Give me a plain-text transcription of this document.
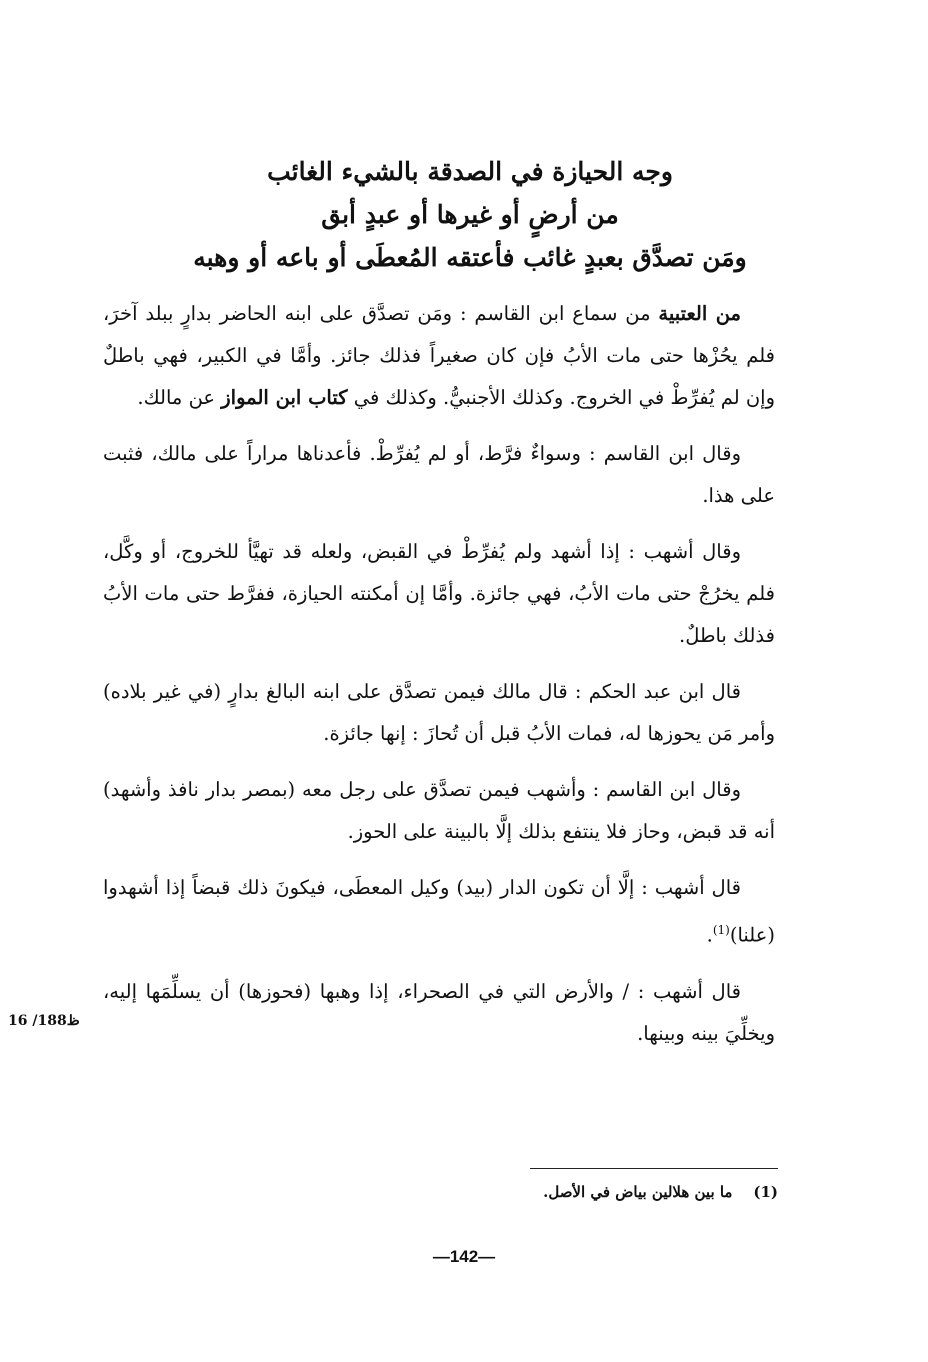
وجه الحيازة في الصدقة بالشيء الغائب
من أرضٍ أو غيرها أو عبدٍ أبق
ومَن تصدَّق بعبدٍ غائب فأعتقه المُعطَى أو باعه أو وهبه

من العتبية من سماع ابن القاسم : ومَن تصدَّق على ابنه الحاضر بدارٍ ببلد آخرَ، فلم يحُزْها حتى مات الأبُ فإن كان صغيراً فذلك جائز. وأمَّا في الكبير، فهي باطلٌ وإن لم يُفرِّطْ في الخروج. وكذلك الأجنبيُّ. وكذلك في كتاب ابن المواز عن مالك.

وقال ابن القاسم : وسواءٌ فرَّط، أو لم يُفرِّطْ. فأعدناها مراراً على مالك، فثبت على هذا.

وقال أشهب : إذا أشهد ولم يُفرِّطْ في القبض، ولعله قد تهيَّأ للخروج، أو وكَّل، فلم يخرُجْ حتى مات الأبُ، فهي جائزة. وأمَّا إن أمكنته الحيازة، ففرَّط حتى مات الأبُ فذلك باطلٌ.

قال ابن عبد الحكم : قال مالك فيمن تصدَّق على ابنه البالغ بدارٍ (في غير بلاده) وأمر مَن يحوزها له، فمات الأبُ قبل أن تُحازَ : إنها جائزة.

وقال ابن القاسم : وأشهب فيمن تصدَّق على رجل معه (بمصر بدار نافذ وأشهد) أنه قد قبض، وحاز فلا ينتفع بذلك إلَّا بالبينة على الحوز.

قال أشهب : إلَّا أن تكون الدار (بيد) وكيل المعطَى، فيكونَ ذلك قبضاً إذا أشهدوا (علنا)$^{(1)}$.

قال أشهب : / والأرض التي في الصحراء، إذا وهبها (فحوزها) أن يسلِّمَها إليه، ويخلِّيَ بينه وبينها.

16 /188ظ
(1)    ما بين هلالين بياض في الأصل.
—142—
